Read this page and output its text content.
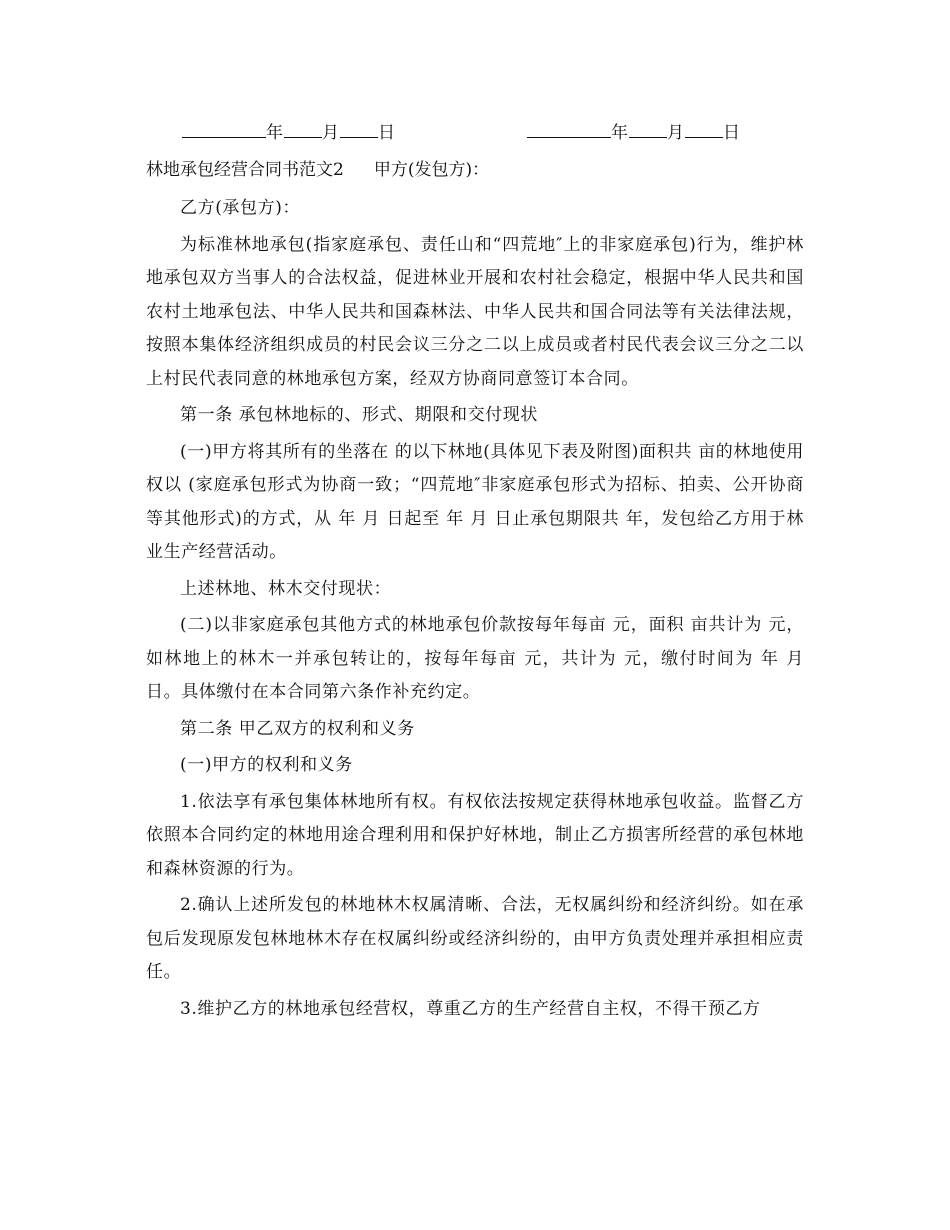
年 月 日	年 月 日
林地承包经营合同书范文2 甲方(发包方)：

乙方(承包方)：

为标准林地承包(指家庭承包、责任山和“四荒地″上的非家庭承包)行为，维护林地承包双方当事人的合法权益，促进林业开展和农村社会稳定，根据中华人民共和国农村土地承包法、中华人民共和国森林法、中华人民共和国合同法等有关法律法规，按照本集体经济组织成员的村民会议三分之二以上成员或者村民代表会议三分之二以上村民代表同意的林地承包方案，经双方协商同意签订本合同。

第一条 承包林地标的、形式、期限和交付现状

(一)甲方将其所有的坐落在 的以下林地(具体见下表及附图)面积共 亩的林地使用权以 (家庭承包形式为协商一致；“四荒地″非家庭承包形式为招标、拍卖、公开协商等其他形式)的方式，从 年 月 日起至 年 月 日止承包期限共 年，发包给乙方用于林业生产经营活动。

上述林地、林木交付现状：

(二)以非家庭承包其他方式的林地承包价款按每年每亩 元，面积 亩共计为 元，如林地上的林木一并承包转让的，按每年每亩 元，共计为 元，缴付时间为 年 月 日。具体缴付在本合同第六条作补充约定。

第二条 甲乙双方的权利和义务

(一)甲方的权利和义务

1.依法享有承包集体林地所有权。有权依法按规定获得林地承包收益。监督乙方依照本合同约定的林地用途合理利用和保护好林地，制止乙方损害所经营的承包林地和森林资源的行为。

2.确认上述所发包的林地林木权属清晰、合法，无权属纠纷和经济纠纷。如在承包后发现原发包林地林木存在权属纠纷或经济纠纷的，由甲方负责处理并承担相应责任。

3.维护乙方的林地承包经营权，尊重乙方的生产经营自主权，不得干预乙方
